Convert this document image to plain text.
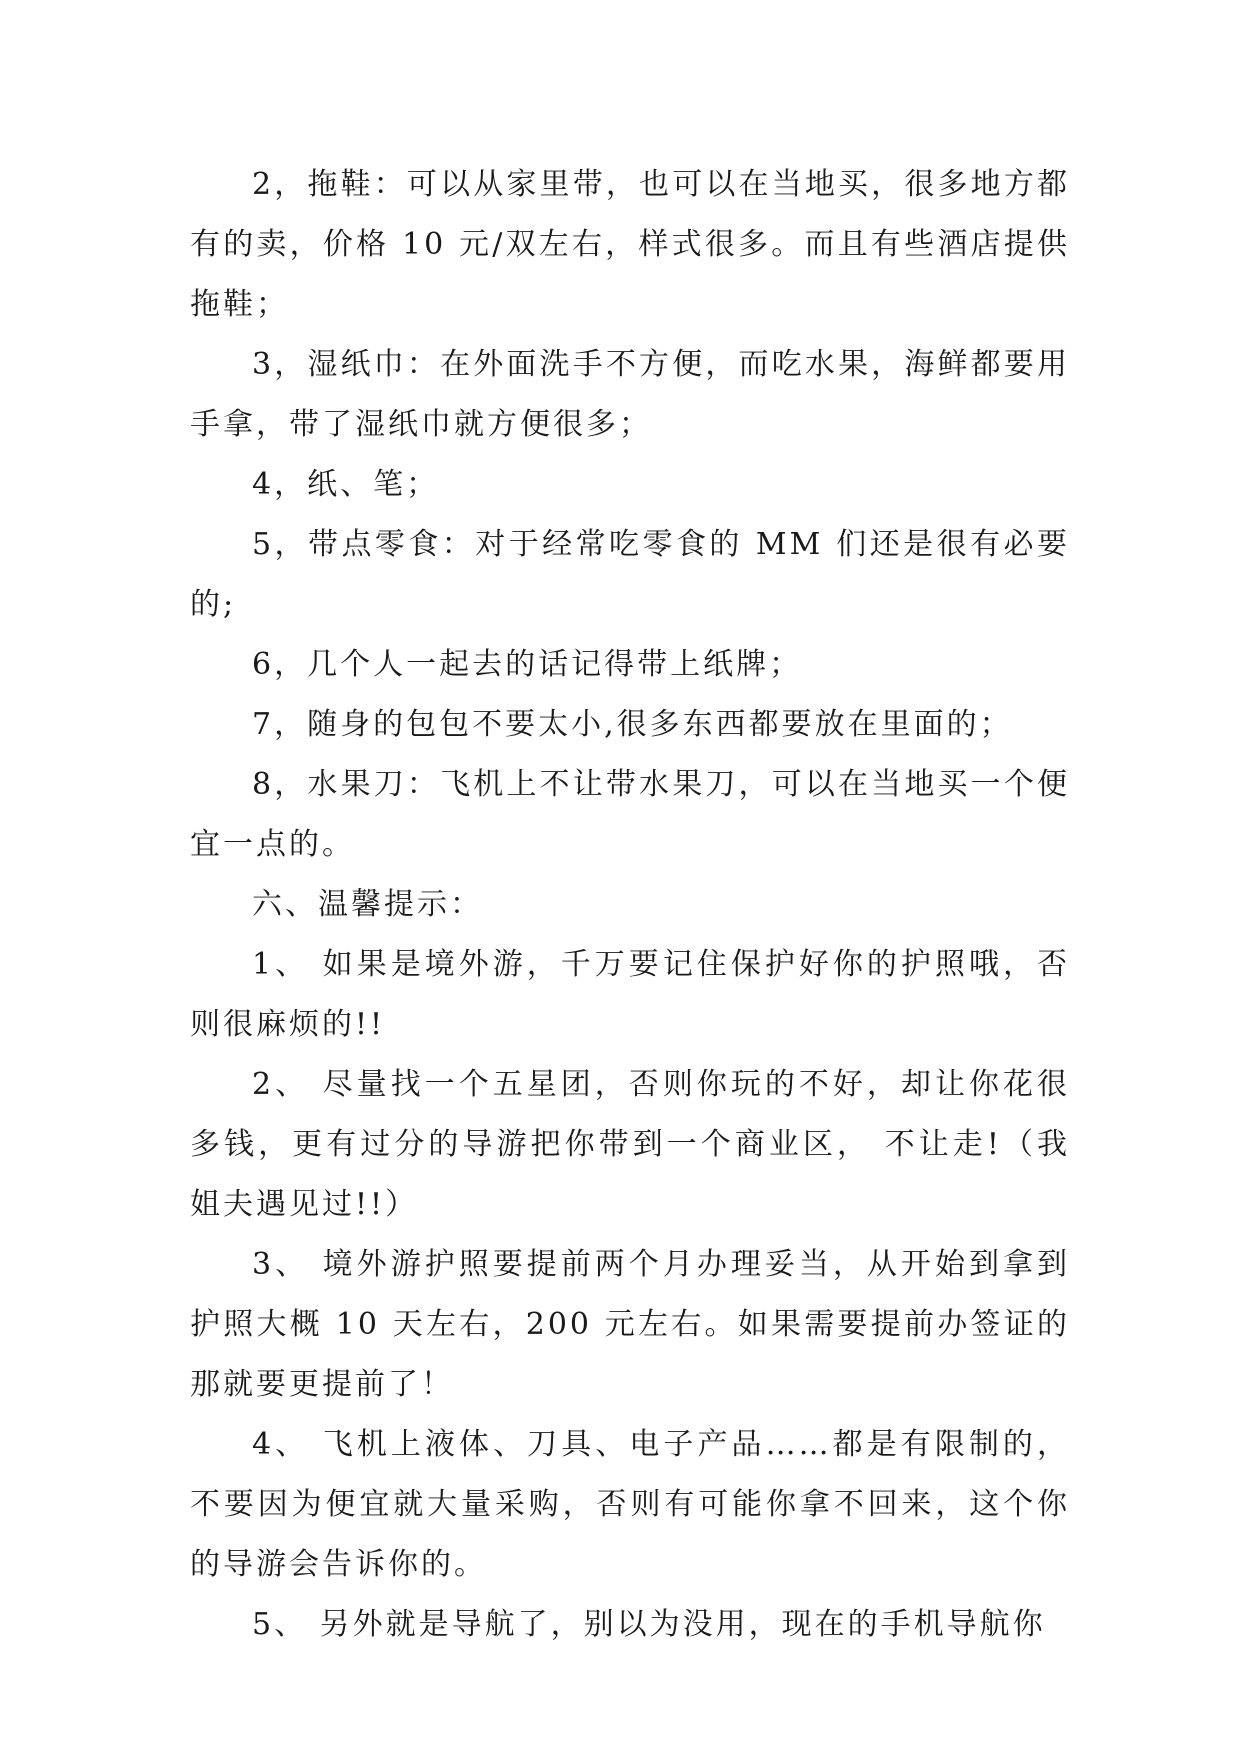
2，拖鞋：可以从家里带，也可以在当地买，很多地方都有的卖，价格 10 元/双左右，样式很多。而且有些酒店提供拖鞋；

3，湿纸巾：在外面洗手不方便，而吃水果，海鲜都要用手拿，带了湿纸巾就方便很多；

4，纸、笔；

5，带点零食：对于经常吃零食的 MM 们还是很有必要的;

6，几个人一起去的话记得带上纸牌；

7，随身的包包不要太小,很多东西都要放在里面的；

8，水果刀：飞机上不让带水果刀，可以在当地买一个便宜一点的。

六、温馨提示：

1、 如果是境外游，千万要记住保护好你的护照哦，否则很麻烦的!!

2、 尽量找一个五星团，否则你玩的不好，却让你花很多钱，更有过分的导游把你带到一个商业区， 不让走!（我姐夫遇见过!!）

3、 境外游护照要提前两个月办理妥当，从开始到拿到护照大概 10 天左右，200 元左右。如果需要提前办签证的那就要更提前了！

4、 飞机上液体、刀具、电子产品……都是有限制的，不要因为便宜就大量采购，否则有可能你拿不回来，这个你的导游会告诉你的。

5、 另外就是导航了，别以为没用，现在的手机导航你
